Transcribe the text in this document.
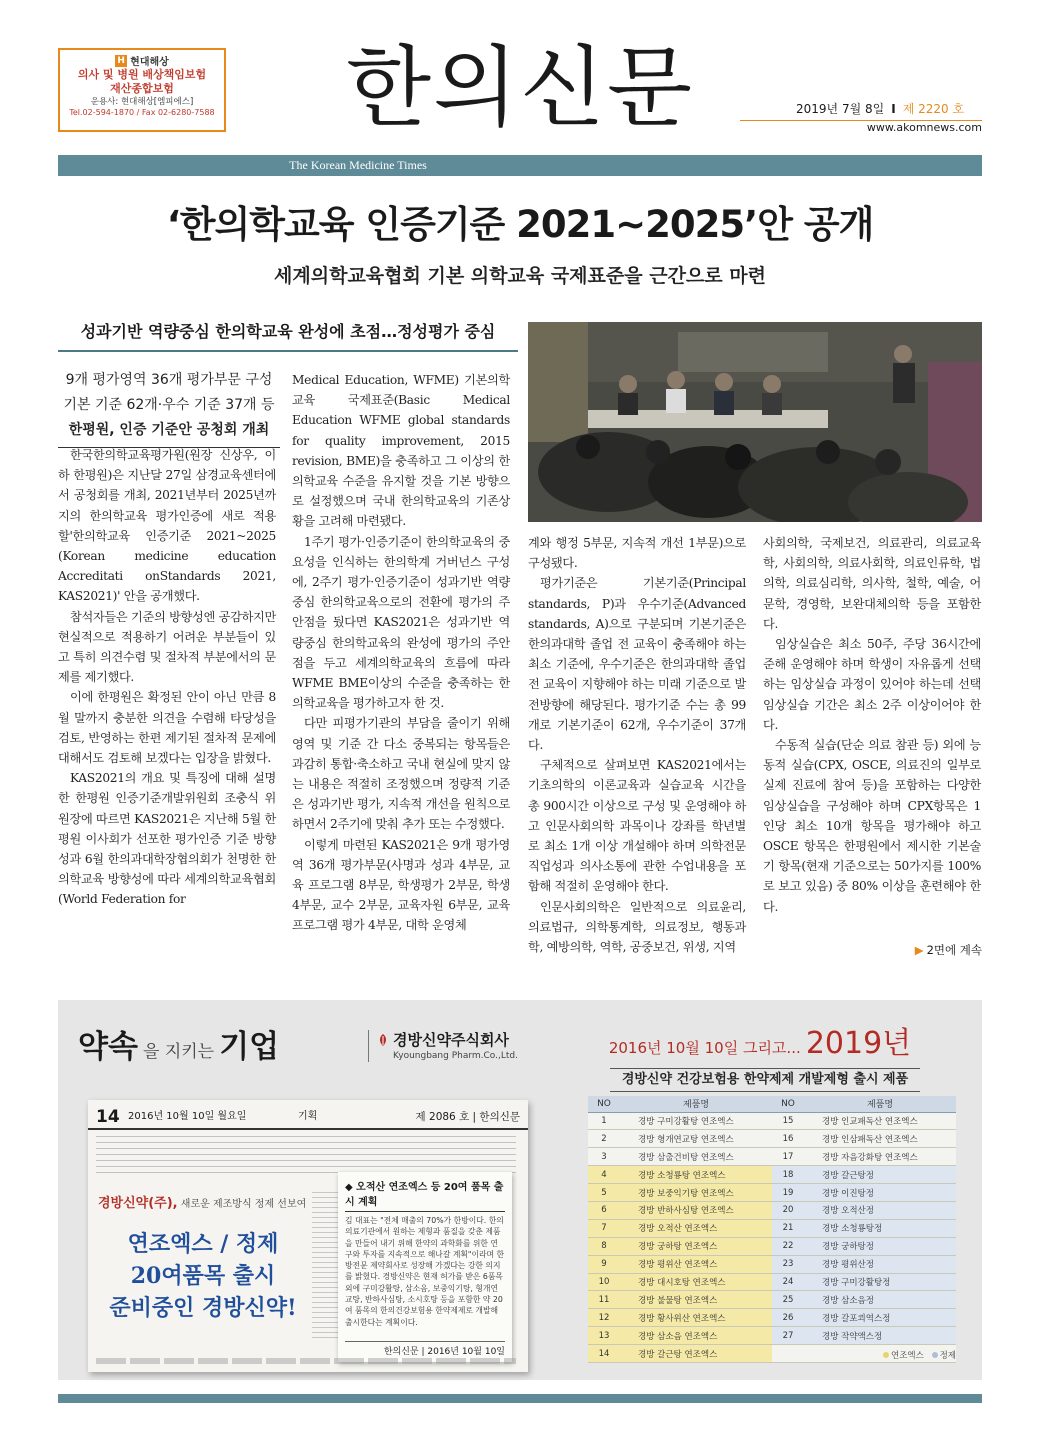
H 현대해상
의사 및 병원 배상책임보험
재산종합보험
운용사: 현대해상[엠피에스]
Tel.02-594-1870 / Fax 02-6280-7588	한의신문	2019년 7월 8일 I 제 2220 호
www.akomnews.com
The Korean Medicine Times
‘한의학교육 인증기준 2021~2025’안 공개
세계의학교육협회 기본 의학교육 국제표준을 근간으로 마련
성과기반 역량중심 한의학교육 완성에 초점…정성평가 중심
9개 평가영역 36개 평가부문 구성
기본 기준 62개·우수 기준 37개 등
한평원, 인증 기준안 공청회 개최

한국한의학교육평가원(원장 신상우, 이하 한평원)은 지난달 27일 삼경교육센터에서 공청회를 개최, 2021년부터 2025년까지의 한의학교육 평가인증에 새로 적용할'한의학교육 인증기준 2021~2025 (Korean medicine education Accreditati onStandards 2021, KAS2021)' 안을 공개했다.

참석자들은 기준의 방향성엔 공감하지만 현실적으로 적용하기 어려운 부분들이 있고 특히 의견수렴 및 절차적 부분에서의 문제를 제기했다.

이에 한평원은 확정된 안이 아닌 만큼 8월 말까지 충분한 의견을 수렴해 타당성을 검토, 반영하는 한편 제기된 절차적 문제에 대해서도 검토해 보겠다는 입장을 밝혔다.

KAS2021의 개요 및 특징에 대해 설명한 한평원 인증기준개발위원회 조충식 위원장에 따르면 KAS2021은 지난해 5월 한평원 이사회가 선포한 평가인증 기준 방향성과 6월 한의과대학장협의회가 천명한 한의학교육 방향성에 따라 세계의학교육협회(World Federation for

Medical Education, WFME) 기본의학교육 국제표준(Basic Medical Education WFME global standards for quality improvement, 2015 revision, BME)을 충족하고 그 이상의 한의학교육 수준을 유지할 것을 기본 방향으로 설정했으며 국내 한의학교육의 기존상황을 고려해 마련됐다.

1주기 평가·인증기준이 한의학교육의 중요성을 인식하는 한의학계 거버넌스 구성에, 2주기 평가·인증기준이 성과기반 역량중심 한의학교육으로의 전환에 평가의 주안점을 뒀다면 KAS2021은 성과기반 역량중심 한의학교육의 완성에 평가의 주안점을 두고 세계의학교육의 흐름에 따라 WFME BME이상의 수준을 충족하는 한의학교육을 평가하고자 한 것.

다만 피평가기관의 부담을 줄이기 위해 영역 및 기준 간 다소 중복되는 항목들은 과감히 통합·축소하고 국내 현실에 맞지 않는 내용은 적절히 조정했으며 정량적 기준은 성과기반 평가, 지속적 개선을 원칙으로 하면서 2주기에 맞춰 추가 또는 수정했다.

이렇게 마련된 KAS2021은 9개 평가영역 36개 평가부문(사명과 성과 4부문, 교육 프로그램 8부문, 학생평가 2부문, 학생 4부문, 교수 2부문, 교육자원 6부문, 교육 프로그램 평가 4부문, 대학 운영체

계와 행정 5부문, 지속적 개선 1부문)으로 구성됐다.

평가기준은 기본기준(Principal standards, P)과 우수기준(Advanced standards, A)으로 구분되며 기본기준은 한의과대학 졸업 전 교육이 충족해야 하는 최소 기준에, 우수기준은 한의과대학 졸업 전 교육이 지향해야 하는 미래 기준으로 발전방향에 해당된다. 평가기준 수는 총 99개로 기본기준이 62개, 우수기준이 37개다.

구체적으로 살펴보면 KAS2021에서는 기초의학의 이론교육과 실습교육 시간을 총 900시간 이상으로 구성 및 운영해야 하고 인문사회의학 과목이나 강좌를 학년별로 최소 1개 이상 개설해야 하며 의학전문직업성과 의사소통에 관한 수업내용을 포함해 적절히 운영해야 한다.

인문사회의학은 일반적으로 의료윤리, 의료법규, 의학통계학, 의료정보, 행동과학, 예방의학, 역학, 공중보건, 위생, 지역

사회의학, 국제보건, 의료관리, 의료교육학, 사회의학, 의료사회학, 의료인류학, 법의학, 의료심리학, 의사학, 철학, 예술, 어문학, 경영학, 보완대체의학 등을 포함한다.

임상실습은 최소 50주, 주당 36시간에 준해 운영해야 하며 학생이 자유롭게 선택하는 임상실습 과정이 있어야 하는데 선택 임상실습 기간은 최소 2주 이상이어야 한다.

수동적 실습(단순 의료 참관 등) 외에 능동적 실습(CPX, OSCE, 의료진의 일부로 실제 진료에 참여 등)을 포함하는 다양한 임상실습을 구성해야 하며 CPX항목은 1인당 최소 10개 항목을 평가해야 하고 OSCE 항목은 한평원에서 제시한 기본술기 항목(현재 기준으로는 50가지를 100%로 보고 있음) 중 80% 이상을 훈련해야 한다.

▶ 2면에 계속
약속 을 지키는 기업	경방신약주식회사
Kyoungbang Pharm.Co.,Ltd.
14 2016년 10월 10일 월요일	기획	제 2086 호 | 한의신문
경방신약(주), 새로운 제조방식 정제 선보여
연조엑스 / 정제
20여품목 출시
준비중인 경방신약!
◆ 오적산 연조엑스 등 20여 품목 출시 계획
김 대표는 "전체 매출의 70%가 한방이다. 한의의료기관에서 원하는 제형과 품질을 갖춘 제품을 만들어 내기 위해 한약의 과학화를 위한 연구와 투자를 지속적으로 해나갈 계획"이라며 한방전문 제약회사로 성장해 가겠다는 강한 의지를 밝혔다. 경방신약은 현재 허가를 받은 6품목 외에 구미강활탕, 삼소음, 보중익기탕, 형개연교탕, 반하사심탕, 소시호탕 등을 포함한 약 20여 품목의 한의건강보험용 한약제제로 개발해 출시한다는 계획이다.
한의신문 | 2016년 10월 10일
2016년 10월 10일 그리고... 2019년
경방신약 건강보험용 한약제제 개발제형 출시 제품
NO	제품명	NO	제품명
1	경방 구미강활탕 연조엑스	15	경방 인교패독산 연조엑스
2	경방 형개연교탕 연조엑스	16	경방 인삼패독산 연조엑스
3	경방 삼출건비탕 연조엑스	17	경방 자음강화탕 연조엑스
4	경방 소청룡탕 연조엑스	18	경방 갈근탕정
5	경방 보중익기탕 연조엑스	19	경방 이진탕정
6	경방 반하사심탕 연조엑스	20	경방 오적산정
7	경방 오적산 연조엑스	21	경방 소청룡탕정
8	경방 궁하탕 연조엑스	22	경방 궁하탕정
9	경방 평위산 연조엑스	23	경방 평위산정
10	경방 대시호탕 연조엑스	24	경방 구미강활탕정
11	경방 불물탕 연조엑스	25	경방 삼소음정
12	경방 황사위산 연조엑스	26	경방 갈포쾨역스정
13	경방 삼소음 연조엑스	27	경방 작약액스정
14	경방 갈근탕 연조엑스			연조엑스 정제
